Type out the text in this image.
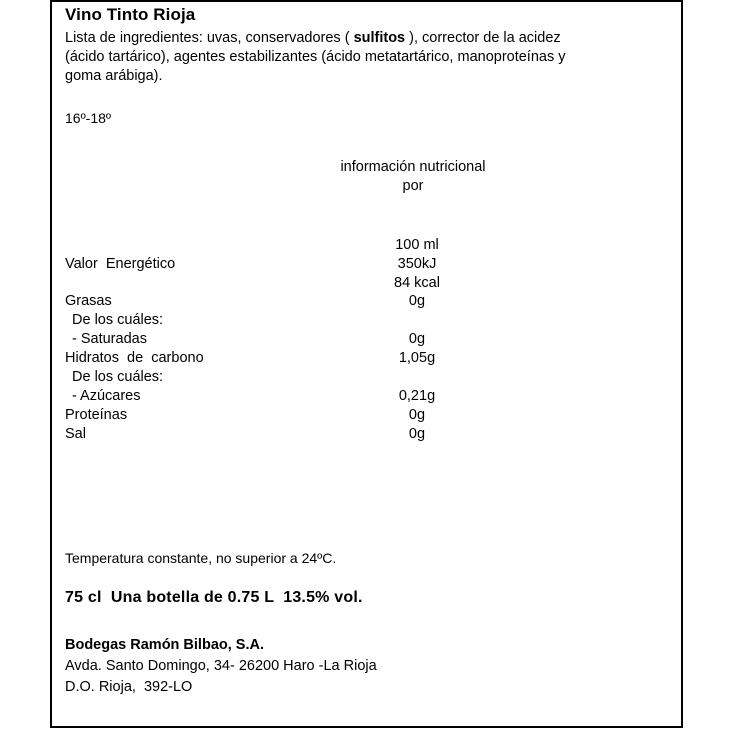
Vino Tinto Rioja
Lista de ingredientes: uvas, conservadores ( sulfitos ), corrector de la acidez
(ácido tartárico), agentes estabilizantes (ácido metatartárico, manoproteínas y
goma arábiga).
16º-18º
información nutricional
por
100 ml
Valor  Energético	350kJ
84 kcal
Grasas	0g
De los cuáles:
- Saturadas	0g
Hidratos  de  carbono	1,05g
De los cuáles:
- Azúcares	0,21g
Proteínas	0g
Sal	0g
Temperatura constante, no superior a 24ºC.
75 cl  Una botella de 0.75 L  13.5% vol.
Bodegas Ramón Bilbao, S.A.
Avda. Santo Domingo, 34- 26200 Haro -La Rioja
D.O. Rioja,  392-LO
